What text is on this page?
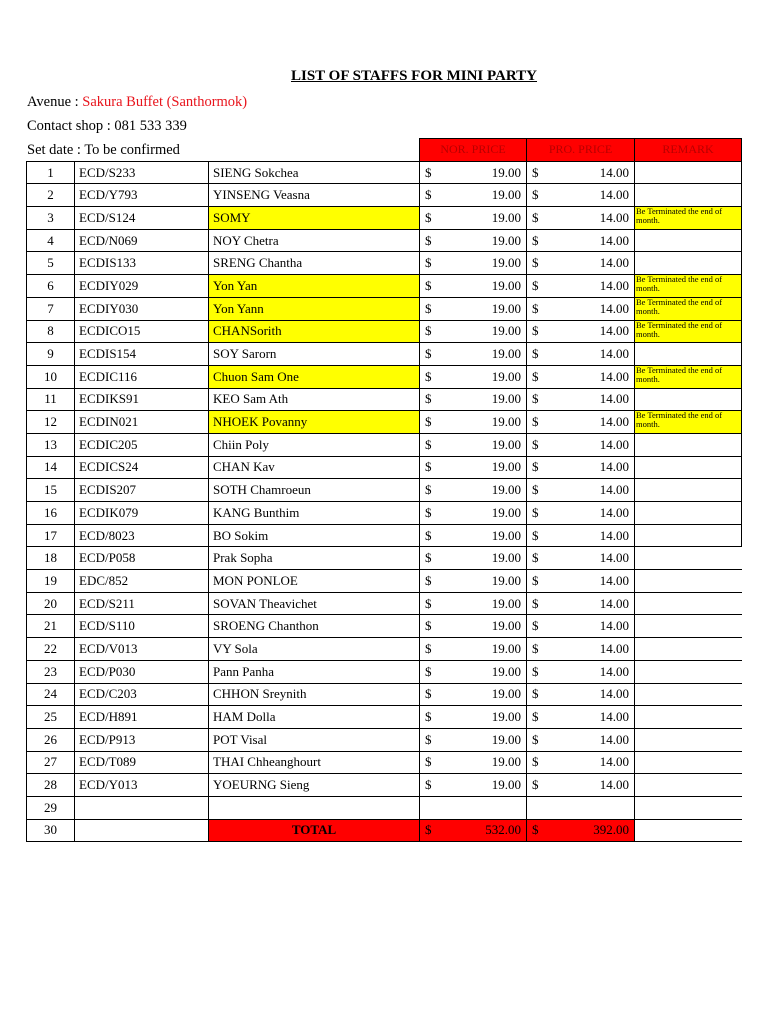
LIST OF STAFFS FOR MINI PARTY
Avenue : Sakura Buffet (Santhormok)
Contact shop : 081 533 339
Set date : To be confirmed
				NOR. PRICE	PRO. PRICE	REMARK
1	ECD/S233	SIENG Sokchea	$ 19.00	$ 14.00	

2	ECD/Y793	YINSENG Veasna	$ 19.00	$ 14.00	

3	ECD/S124	SOMY	$ 19.00	$ 14.00	Be Terminated the end of month.
4	ECD/N069	NOY Chetra	$ 19.00	$ 14.00	

5	ECDIS133	SRENG Chantha	$ 19.00	$ 14.00	

6	ECDIY029	Yon Yan	$ 19.00	$ 14.00	Be Terminated the end of month.
7	ECDIY030	Yon Yann	$ 19.00	$ 14.00	Be Terminated the end of month.
8	ECDICO15	CHANSorith	$ 19.00	$ 14.00	Be Terminated the end of month.
9	ECDIS154	SOY Sarorn	$ 19.00	$ 14.00	

10	ECDIC116	Chuon Sam One	$ 19.00	$ 14.00	Be Terminated the end of month.
11	ECDIKS91	KEO Sam Ath	$ 19.00	$ 14.00	

12	ECDIN021	NHOEK Povanny	$ 19.00	$ 14.00	Be Terminated the end of month.
13	ECDIC205	Chiin Poly	$ 19.00	$ 14.00	

14	ECDICS24	CHAN Kav	$ 19.00	$ 14.00	

15	ECDIS207	SOTH Chamroeun	$ 19.00	$ 14.00	

16	ECDIK079	KANG Bunthim	$ 19.00	$ 14.00	

17	ECD/8023	BO Sokim	$ 19.00	$ 14.00	

18	ECD/P058	Prak Sopha	$ 19.00	$ 14.00	

19	EDC/852	MON PONLOE	$ 19.00	$ 14.00	

20	ECD/S211	SOVAN Theavichet	$ 19.00	$ 14.00	

21	ECD/S110	SROENG Chanthon	$ 19.00	$ 14.00	

22	ECD/V013	VY Sola	$ 19.00	$ 14.00	

23	ECD/P030	Pann Panha	$ 19.00	$ 14.00	

24	ECD/C203	CHHON Sreynith	$ 19.00	$ 14.00	

25	ECD/H891	HAM Dolla	$ 19.00	$ 14.00	

26	ECD/P913	POT Visal	$ 19.00	$ 14.00	

27	ECD/T089	THAI Chheanghourt	$ 19.00	$ 14.00	

28	ECD/Y013	YOEURNG Sieng	$ 19.00	$ 14.00	

29					
30		TOTAL	$ 532.00	$ 392.00	
